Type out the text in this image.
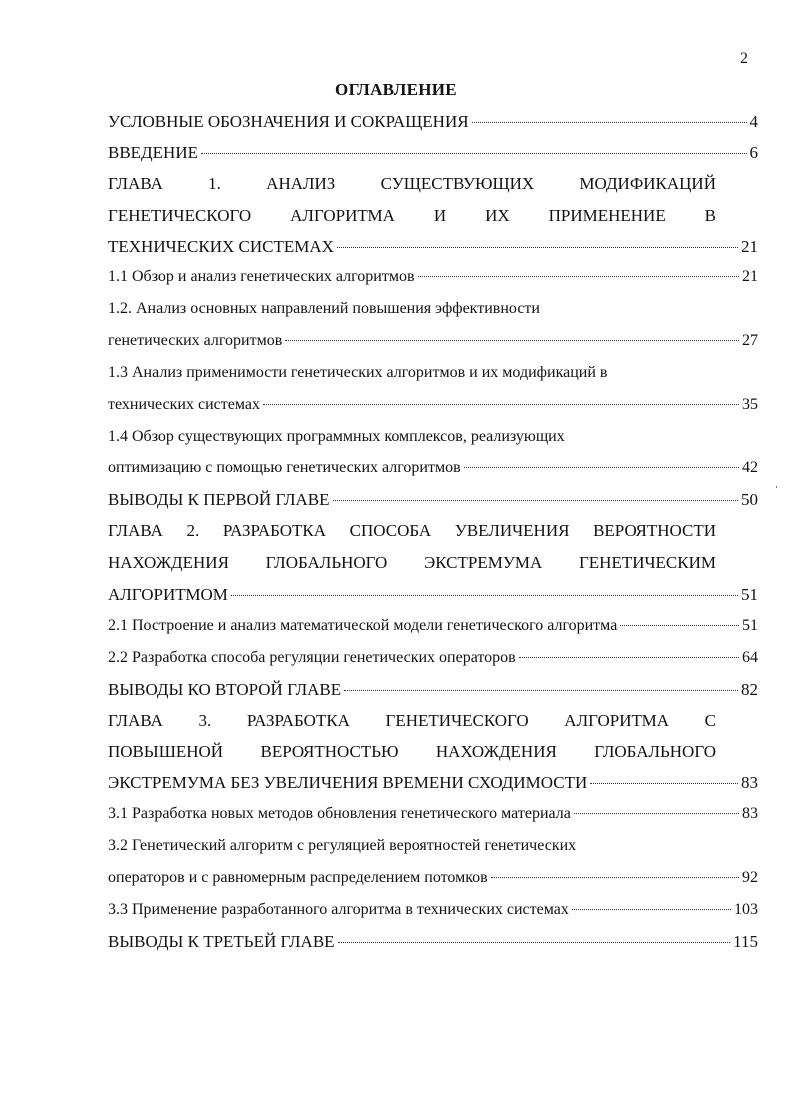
2
ОГЛАВЛЕНИЕ
УСЛОВНЫЕ ОБОЗНАЧЕНИЯ И СОКРАЩЕНИЯ	4
ВВЕДЕНИЕ	6
ГЛАВА 1. АНАЛИЗ СУЩЕСТВУЮЩИХ МОДИФИКАЦИЙ
ГЕНЕТИЧЕСКОГО АЛГОРИТМА И ИХ ПРИМЕНЕНИЕ В
ТЕХНИЧЕСКИХ СИСТЕМАХ	21
1.1 Обзор и анализ генетических алгоритмов	21
1.2. Анализ основных направлений повышения эффективности
генетических алгоритмов	27
1.3 Анализ применимости генетических алгоритмов и их модификаций в
технических системах	35
1.4 Обзор существующих программных комплексов, реализующих
оптимизацию с помощью генетических алгоритмов	42
ВЫВОДЫ К ПЕРВОЙ ГЛАВЕ	50
ГЛАВА 2. РАЗРАБОТКА СПОСОБА УВЕЛИЧЕНИЯ ВЕРОЯТНОСТИ
НАХОЖДЕНИЯ ГЛОБАЛЬНОГО ЭКСТРЕМУМА ГЕНЕТИЧЕСКИМ
АЛГОРИТМОМ	51
2.1 Построение и анализ математической модели генетического алгоритма	51
2.2 Разработка способа регуляции генетических операторов	64
ВЫВОДЫ КО ВТОРОЙ ГЛАВЕ	82
ГЛАВА 3. РАЗРАБОТКА ГЕНЕТИЧЕСКОГО АЛГОРИТМА С
ПОВЫШЕНОЙ ВЕРОЯТНОСТЬЮ НАХОЖДЕНИЯ ГЛОБАЛЬНОГО
ЭКСТРЕМУМА БЕЗ УВЕЛИЧЕНИЯ ВРЕМЕНИ СХОДИМОСТИ	83
3.1 Разработка новых методов обновления генетического материала	83
3.2 Генетический алгоритм с регуляцией вероятностей генетических
операторов и с равномерным распределением потомков	92
3.3 Применение разработанного алгоритма в технических системах	103
ВЫВОДЫ К ТРЕТЬЕЙ ГЛАВЕ	115
